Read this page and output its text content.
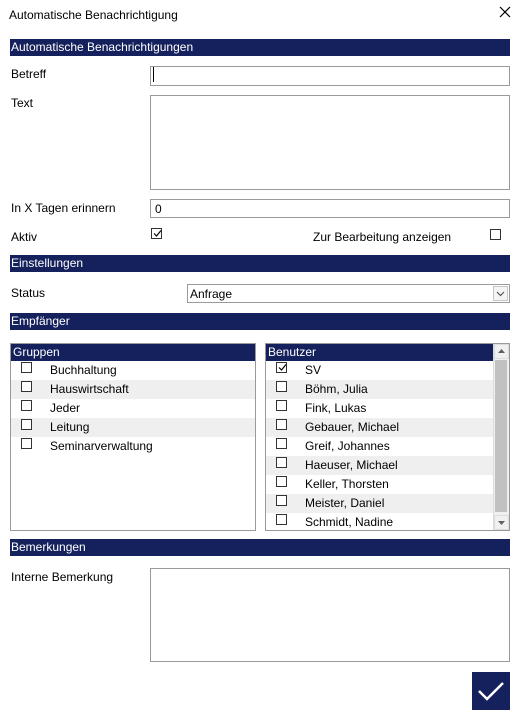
Automatische Benachrichtigung
Automatische Benachrichtigungen
Betreff
Text
In X Tagen erinnern
0
Aktiv	Zur Bearbeitung anzeigen
Einstellungen
Status	Anfrage
Empfänger
Gruppen
Buchhaltung
Hauswirtschaft
Jeder
Leitung
Seminarverwaltung
Benutzer
SV
Böhm, Julia
Fink, Lukas
Gebauer, Michael
Greif, Johannes
Haeuser, Michael
Keller, Thorsten
Meister, Daniel
Schmidt, Nadine
Bemerkungen
Interne Bemerkung
